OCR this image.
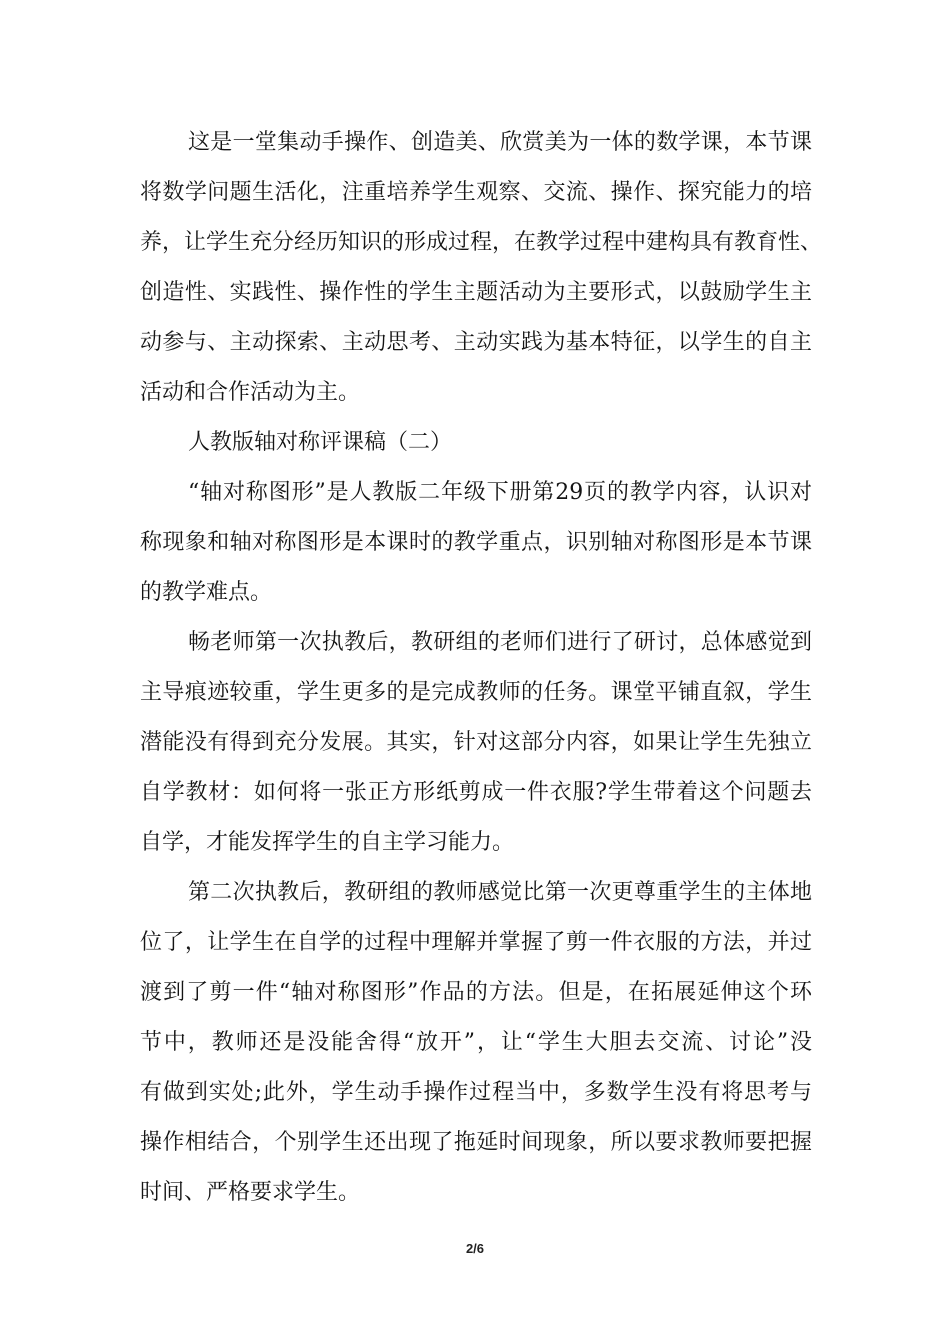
这是一堂集动手操作、创造美、欣赏美为一体的数学课，本节课
将数学问题生活化，注重培养学生观察、交流、操作、探究能力的培
养，让学生充分经历知识的形成过程，在教学过程中建构具有教育性、
创造性、实践性、操作性的学生主题活动为主要形式，以鼓励学生主
动参与、主动探索、主动思考、主动实践为基本特征，以学生的自主
活动和合作活动为主。
人教版轴对称评课稿（二）
“轴对称图形”是人教版二年级下册第29页的教学内容，认识对
称现象和轴对称图形是本课时的教学重点，识别轴对称图形是本节课
的教学难点。
畅老师第一次执教后，教研组的老师们进行了研讨，总体感觉到
主导痕迹较重，学生更多的是完成教师的任务。课堂平铺直叙，学生
潜能没有得到充分发展。其实，针对这部分内容，如果让学生先独立
自学教材：如何将一张正方形纸剪成一件衣服?学生带着这个问题去
自学，才能发挥学生的自主学习能力。
第二次执教后，教研组的教师感觉比第一次更尊重学生的主体地
位了，让学生在自学的过程中理解并掌握了剪一件衣服的方法，并过
渡到了剪一件“轴对称图形”作品的方法。但是，在拓展延伸这个环
节中，教师还是没能舍得“放开”，让“学生大胆去交流、讨论”没
有做到实处;此外，学生动手操作过程当中，多数学生没有将思考与
操作相结合，个别学生还出现了拖延时间现象，所以要求教师要把握
时间、严格要求学生。
2/6
